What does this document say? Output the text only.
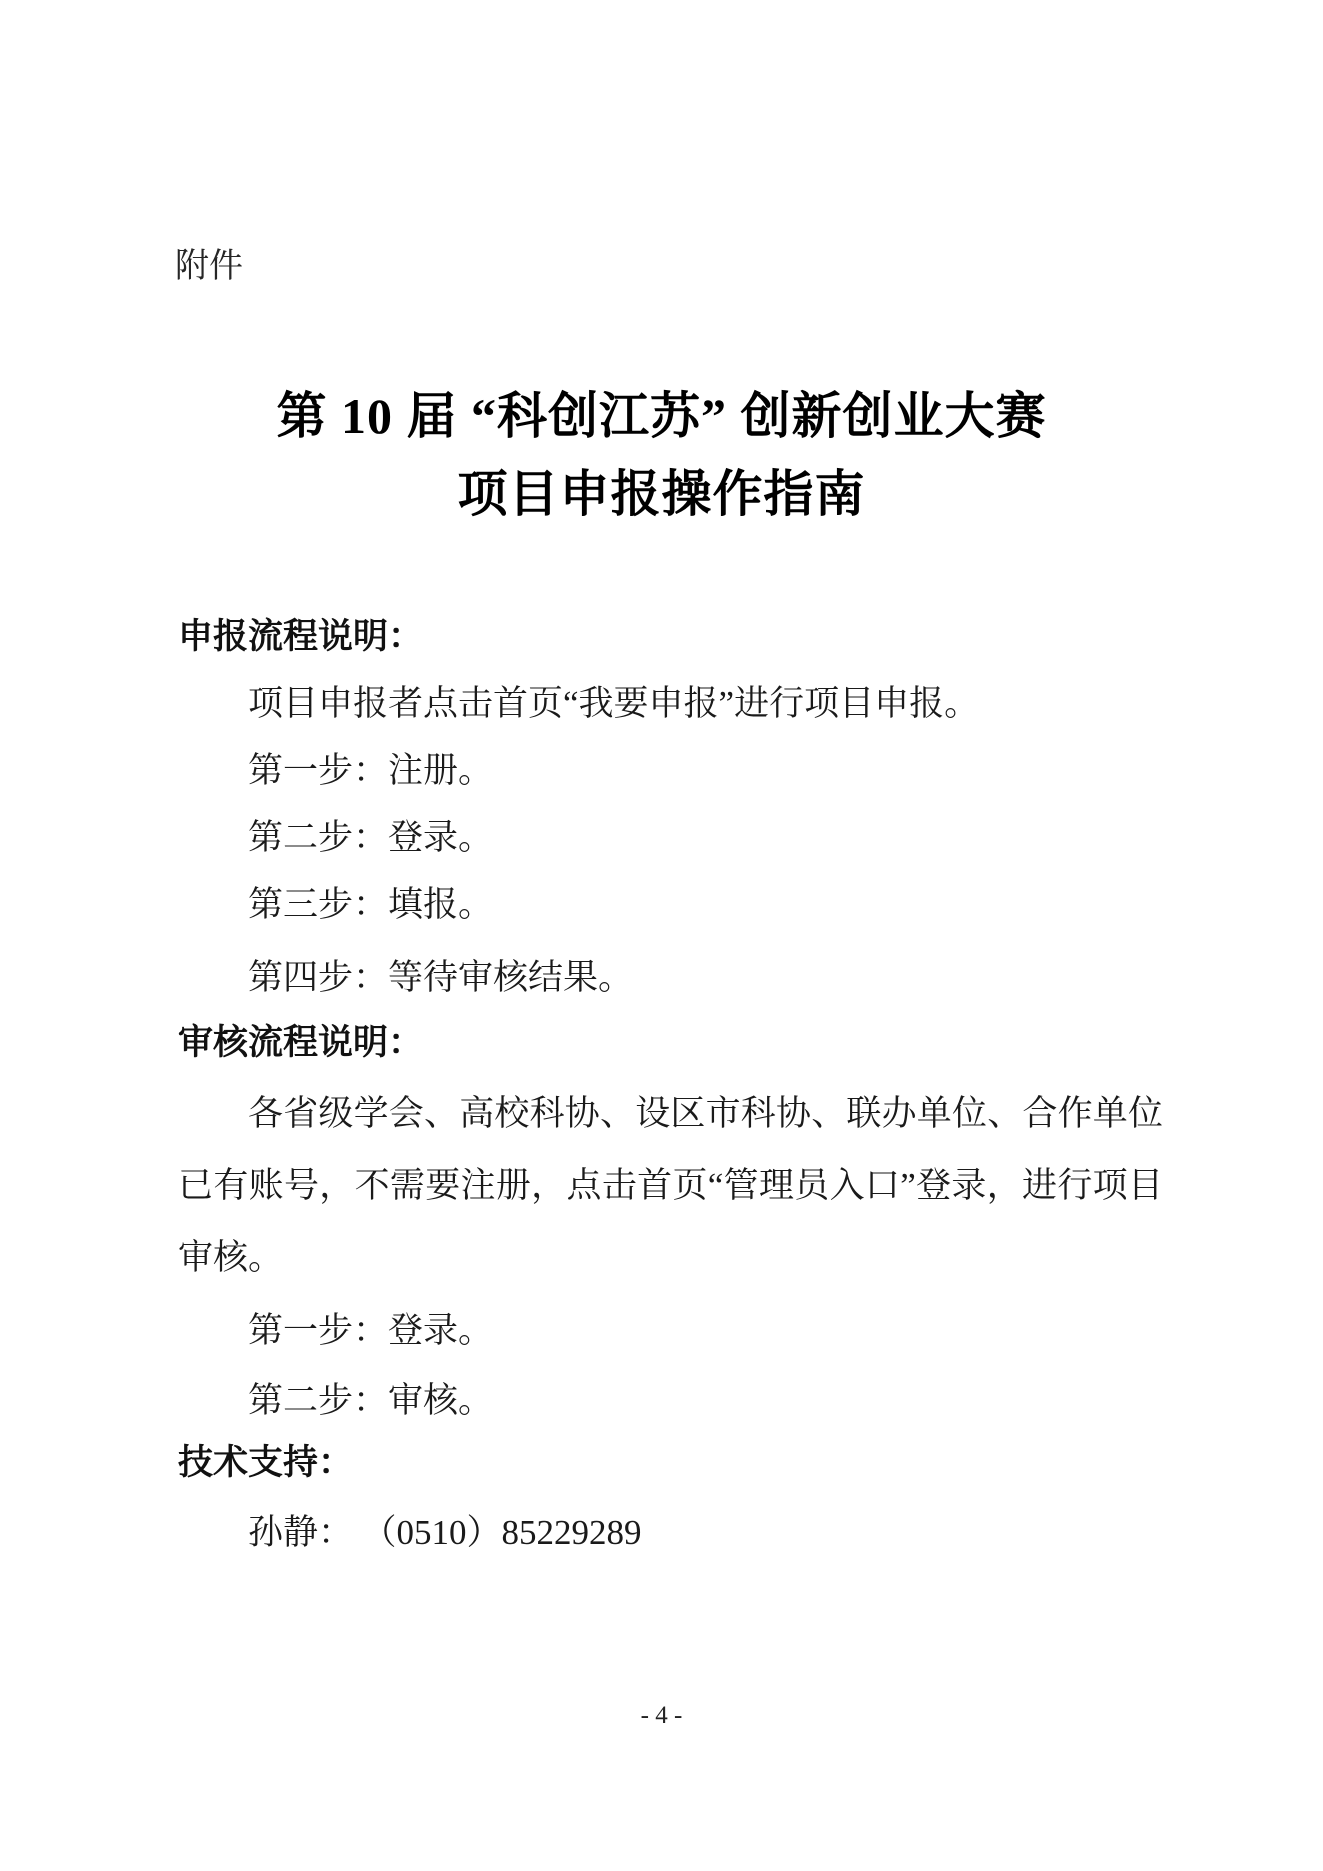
附件
第 10 届 “科创江苏” 创新创业大赛
项目申报操作指南
申报流程说明：
项目申报者点击首页“我要申报”进行项目申报。
第一步：注册。
第二步：登录。
第三步：填报。
第四步：等待审核结果。
审核流程说明：
各省级学会、高校科协、设区市科协、联办单位、合作单位已有账号，不需要注册，点击首页“管理员入口”登录，进行项目审核。
第一步：登录。
第二步：审核。
技术支持：
孙静： （0510）85229289
- 4 -
